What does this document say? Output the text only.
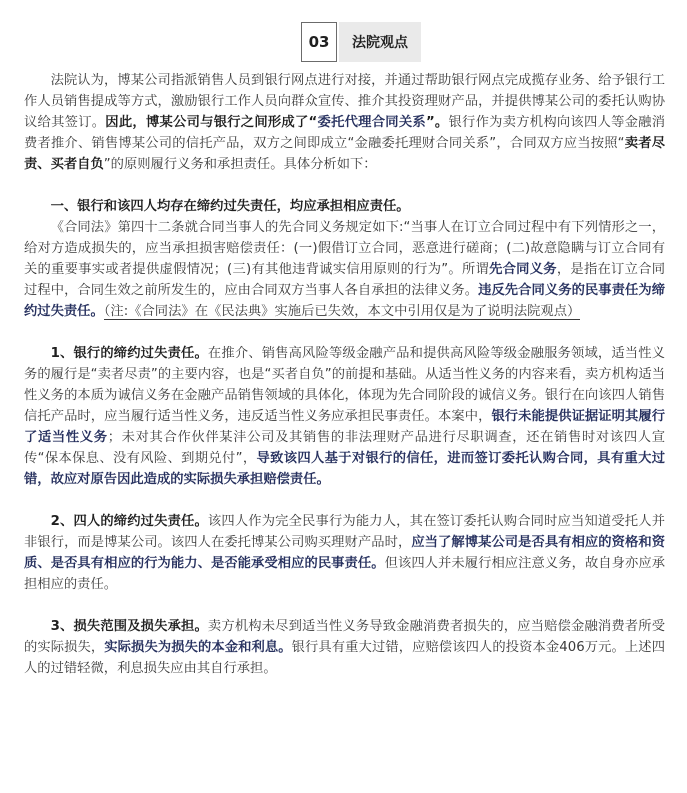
03	法院观点

法院认为，博某公司指派销售人员到银行网点进行对接，并通过帮助银行网点完成揽存业务、给予银行工作人员销售提成等方式，激励银行工作人员向群众宣传、推介其投资理财产品，并提供博某公司的委托认购协议给其签订。因此，博某公司与银行之间形成了“委托代理合同关系”。银行作为卖方机构向该四人等金融消费者推介、销售博某公司的信托产品，双方之间即成立“金融委托理财合同关系”，合同双方应当按照“卖者尽责、买者自负”的原则履行义务和承担责任。具体分析如下：

一、银行和该四人均存在缔约过失责任，均应承担相应责任。

《合同法》第四十二条就合同当事人的先合同义务规定如下:“当事人在订立合同过程中有下列情形之一，给对方造成损失的，应当承担损害赔偿责任：(一)假借订立合同，恶意进行磋商；(二)故意隐瞒与订立合同有关的重要事实或者提供虚假情况；(三)有其他违背诚实信用原则的行为”。所谓先合同义务，是指在订立合同过程中，合同生效之前所发生的，应由合同双方当事人各自承担的法律义务。违反先合同义务的民事责任为缔约过失责任。（注:《合同法》在《民法典》实施后已失效，本文中引用仅是为了说明法院观点）

1、银行的缔约过失责任。在推介、销售高风险等级金融产品和提供高风险等级金融服务领域，适当性义务的履行是“卖者尽责”的主要内容，也是“买者自负”的前提和基础。从适当性义务的内容来看，卖方机构适当性义务的本质为诚信义务在金融产品销售领域的具体化，体现为先合同阶段的诚信义务。银行在向该四人销售信托产品时，应当履行适当性义务，违反适当性义务应承担民事责任。本案中，银行未能提供证据证明其履行了适当性义务；未对其合作伙伴某沣公司及其销售的非法理财产品进行尽职调查，还在销售时对该四人宣传“保本保息、没有风险、到期兑付”，导致该四人基于对银行的信任，进而签订委托认购合同，具有重大过错，故应对原告因此造成的实际损失承担赔偿责任。

2、四人的缔约过失责任。该四人作为完全民事行为能力人，其在签订委托认购合同时应当知道受托人并非银行，而是博某公司。该四人在委托博某公司购买理财产品时，应当了解博某公司是否具有相应的资格和资质、是否具有相应的行为能力、是否能承受相应的民事责任。但该四人并未履行相应注意义务，故自身亦应承担相应的责任。

3、损失范围及损失承担。卖方机构未尽到适当性义务导致金融消费者损失的，应当赔偿金融消费者所受的实际损失，实际损失为损失的本金和利息。银行具有重大过错，应赔偿该四人的投资本金406万元。上述四人的过错轻微，利息损失应由其自行承担。
